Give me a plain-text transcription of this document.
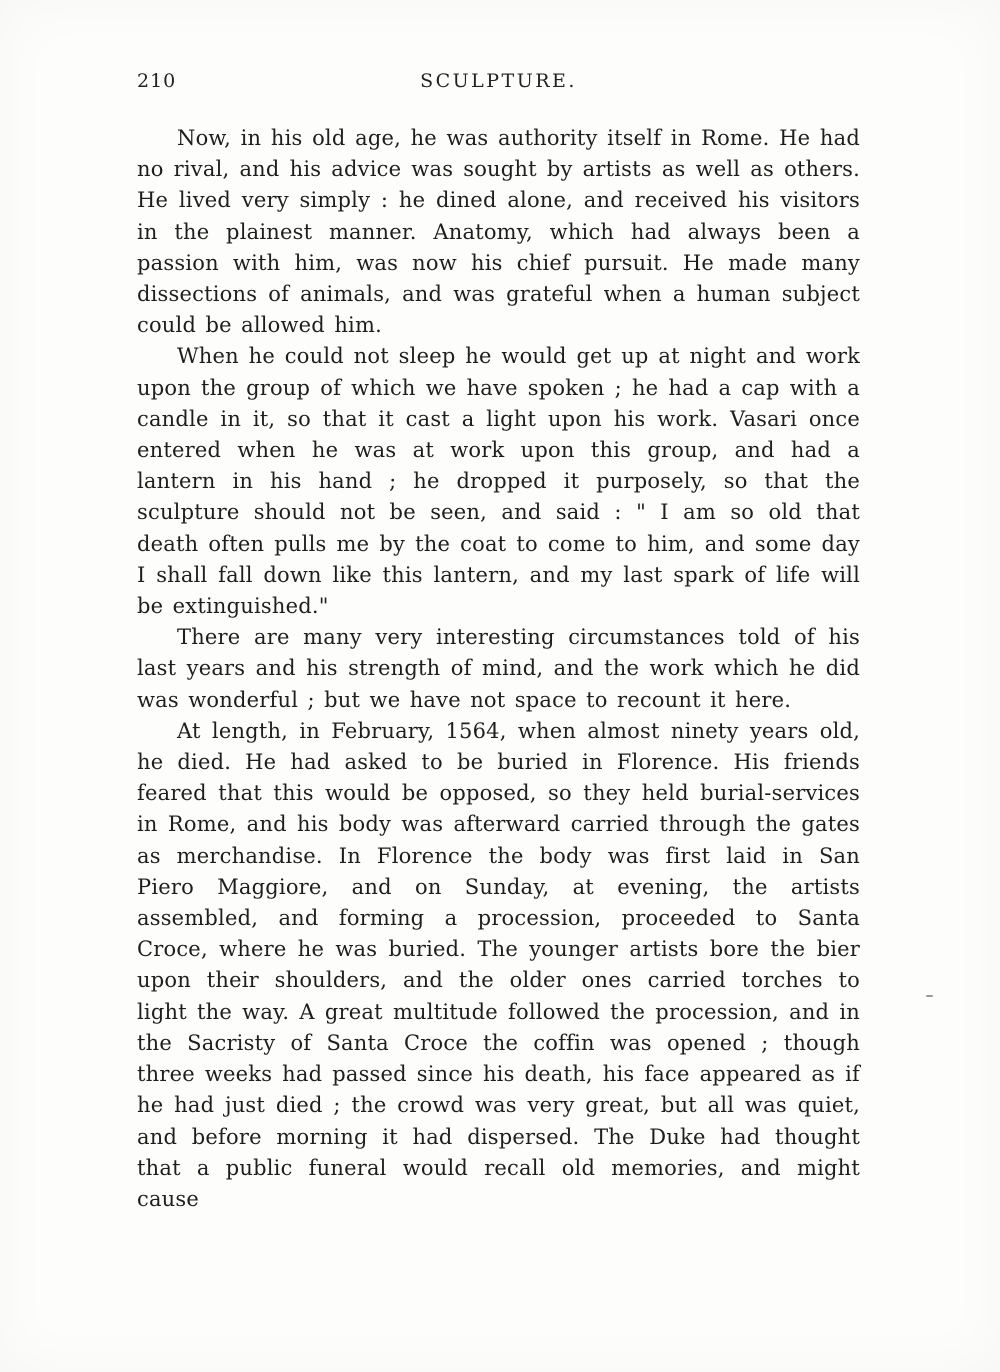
210	SCULPTURE.

Now, in his old age, he was authority itself in Rome. He had no rival, and his advice was sought by artists as well as others. He lived very simply : he dined alone, and received his visitors in the plainest manner. Anatomy, which had always been a passion with him, was now his chief pursuit. He made many dissections of animals, and was grateful when a human subject could be allowed him.

When he could not sleep he would get up at night and work upon the group of which we have spoken ; he had a cap with a candle in it, so that it cast a light upon his work. Vasari once entered when he was at work upon this group, and had a lantern in his hand ; he dropped it purposely, so that the sculpture should not be seen, and said : " I am so old that death often pulls me by the coat to come to him, and some day I shall fall down like this lantern, and my last spark of life will be extinguished."

There are many very interesting circumstances told of his last years and his strength of mind, and the work which he did was wonderful ; but we have not space to recount it here.

At length, in February, 1564, when almost ninety years old, he died. He had asked to be buried in Florence. His friends feared that this would be opposed, so they held burial-services in Rome, and his body was afterward carried through the gates as merchandise. In Florence the body was first laid in San Piero Maggiore, and on Sunday, at evening, the artists assembled, and forming a procession, proceeded to Santa Croce, where he was buried. The younger artists bore the bier upon their shoulders, and the older ones carried torches to light the way. A great multitude followed the procession, and in the Sacristy of Santa Croce the coffin was opened ; though three weeks had passed since his death, his face appeared as if he had just died ; the crowd was very great, but all was quiet, and before morning it had dispersed. The Duke had thought that a public funeral would recall old memories, and might cause
